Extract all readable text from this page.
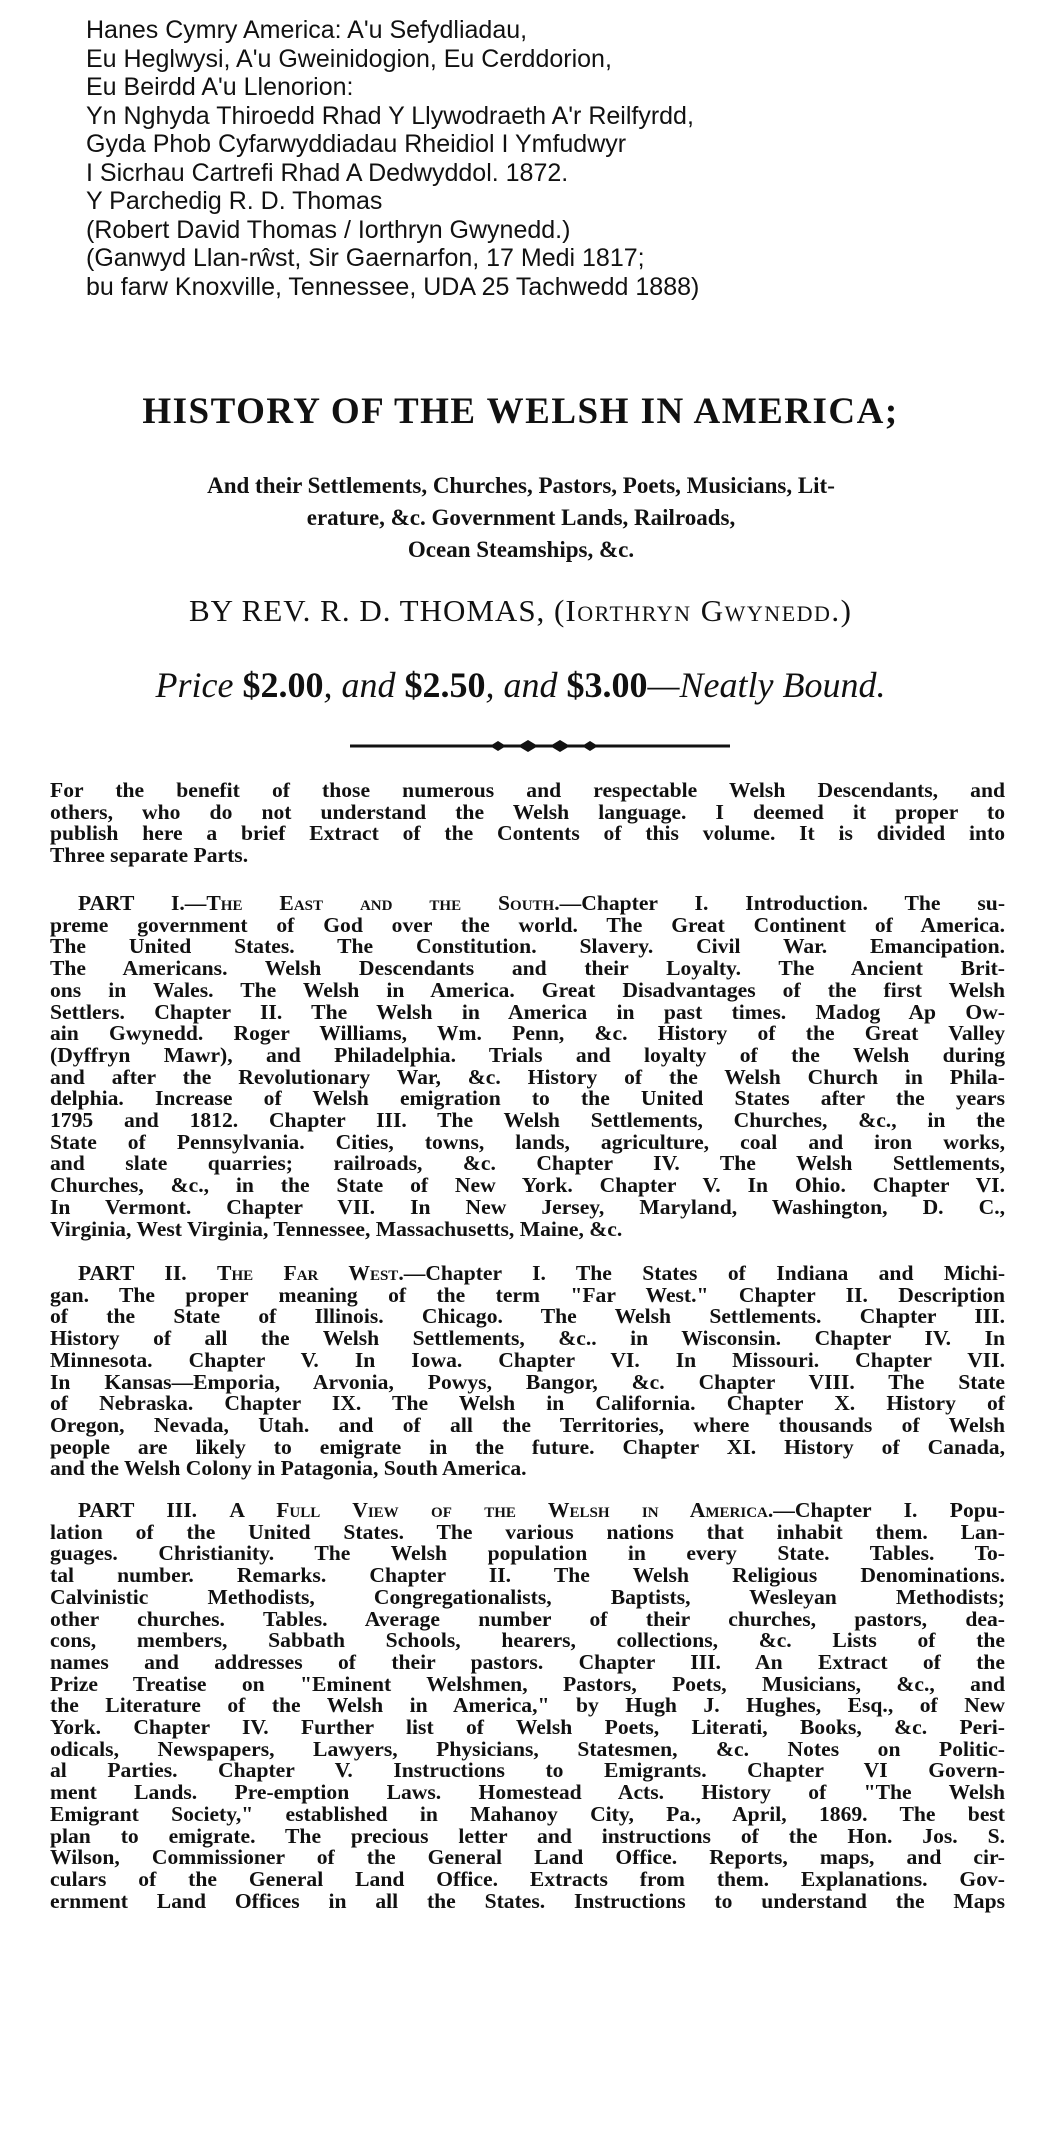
Hanes Cymry America: A'u Sefydliadau,
Eu Heglwysi, A'u Gweinidogion, Eu Cerddorion,
Eu Beirdd A'u Llenorion:
Yn Nghyda Thiroedd Rhad Y Llywodraeth A'r Reilfyrdd,
Gyda Phob Cyfarwyddiadau Rheidiol I Ymfudwyr
I Sicrhau Cartrefi Rhad A Dedwyddol. 1872.
Y Parchedig R. D. Thomas
(Robert David Thomas / Iorthryn Gwynedd.)
(Ganwyd Llan-rŵst, Sir Gaernarfon, 17 Medi 1817;
bu farw Knoxville, Tennessee, UDA 25 Tachwedd 1888)
HISTORY OF THE WELSH IN AMERICA;
And their Settlements, Churches, Pastors, Poets, Musicians, Lit-
erature, &c. Government Lands, Railroads,
Ocean Steamships, &c.
BY REV. R. D. THOMAS, (Iorthryn Gwynedd.)
Price $2.00, and $2.50, and $3.00—Neatly Bound.
For the benefit of those numerous and respectable Welsh Descendants, and
others, who do not understand the Welsh language. I deemed it proper to
publish here a brief Extract of the Contents of this volume. It is divided into
Three separate Parts.
PART I.—The East and the South.—Chapter I. Introduction. The su-
preme government of God over the world. The Great Continent of America.
The United States. The Constitution. Slavery. Civil War. Emancipation.
The Americans. Welsh Descendants and their Loyalty. The Ancient Brit-
ons in Wales. The Welsh in America. Great Disadvantages of the first Welsh
Settlers. Chapter II. The Welsh in America in past times. Madog Ap Ow-
ain Gwynedd. Roger Williams, Wm. Penn, &c. History of the Great Valley
(Dyffryn Mawr), and Philadelphia. Trials and loyalty of the Welsh during
and after the Revolutionary War, &c. History of the Welsh Church in Phila-
delphia. Increase of Welsh emigration to the United States after the years
1795 and 1812. Chapter III. The Welsh Settlements, Churches, &c., in the
State of Pennsylvania. Cities, towns, lands, agriculture, coal and iron works,
and slate quarries; railroads, &c. Chapter IV. The Welsh Settlements,
Churches, &c., in the State of New York. Chapter V. In Ohio. Chapter VI.
In Vermont. Chapter VII. In New Jersey, Maryland, Washington, D. C.,
Virginia, West Virginia, Tennessee, Massachusetts, Maine, &c.
PART II. The Far West.—Chapter I. The States of Indiana and Michi-
gan. The proper meaning of the term "Far West." Chapter II. Description
of the State of Illinois. Chicago. The Welsh Settlements. Chapter III.
History of all the Welsh Settlements, &c.. in Wisconsin. Chapter IV. In
Minnesota. Chapter V. In Iowa. Chapter VI. In Missouri. Chapter VII.
In Kansas—Emporia, Arvonia, Powys, Bangor, &c. Chapter VIII. The State
of Nebraska. Chapter IX. The Welsh in California. Chapter X. History of
Oregon, Nevada, Utah. and of all the Territories, where thousands of Welsh
people are likely to emigrate in the future. Chapter XI. History of Canada,
and the Welsh Colony in Patagonia, South America.
PART III. A Full View of the Welsh in America.—Chapter I. Popu-
lation of the United States. The various nations that inhabit them. Lan-
guages. Christianity. The Welsh population in every State. Tables. To-
tal number. Remarks. Chapter II. The Welsh Religious Denominations.
Calvinistic Methodists, Congregationalists, Baptists, Wesleyan Methodists;
other churches. Tables. Average number of their churches, pastors, dea-
cons, members, Sabbath Schools, hearers, collections, &c. Lists of the
names and addresses of their pastors. Chapter III. An Extract of the
Prize Treatise on "Eminent Welshmen, Pastors, Poets, Musicians, &c., and
the Literature of the Welsh in America," by Hugh J. Hughes, Esq., of New
York. Chapter IV. Further list of Welsh Poets, Literati, Books, &c. Peri-
odicals, Newspapers, Lawyers, Physicians, Statesmen, &c. Notes on Politic-
al Parties. Chapter V. Instructions to Emigrants. Chapter VI Govern-
ment Lands. Pre-emption Laws. Homestead Acts. History of "The Welsh
Emigrant Society," established in Mahanoy City, Pa., April, 1869. The best
plan to emigrate. The precious letter and instructions of the Hon. Jos. S.
Wilson, Commissioner of the General Land Office. Reports, maps, and cir-
culars of the General Land Office. Extracts from them. Explanations. Gov-
ernment Land Offices in all the States. Instructions to understand the Maps
